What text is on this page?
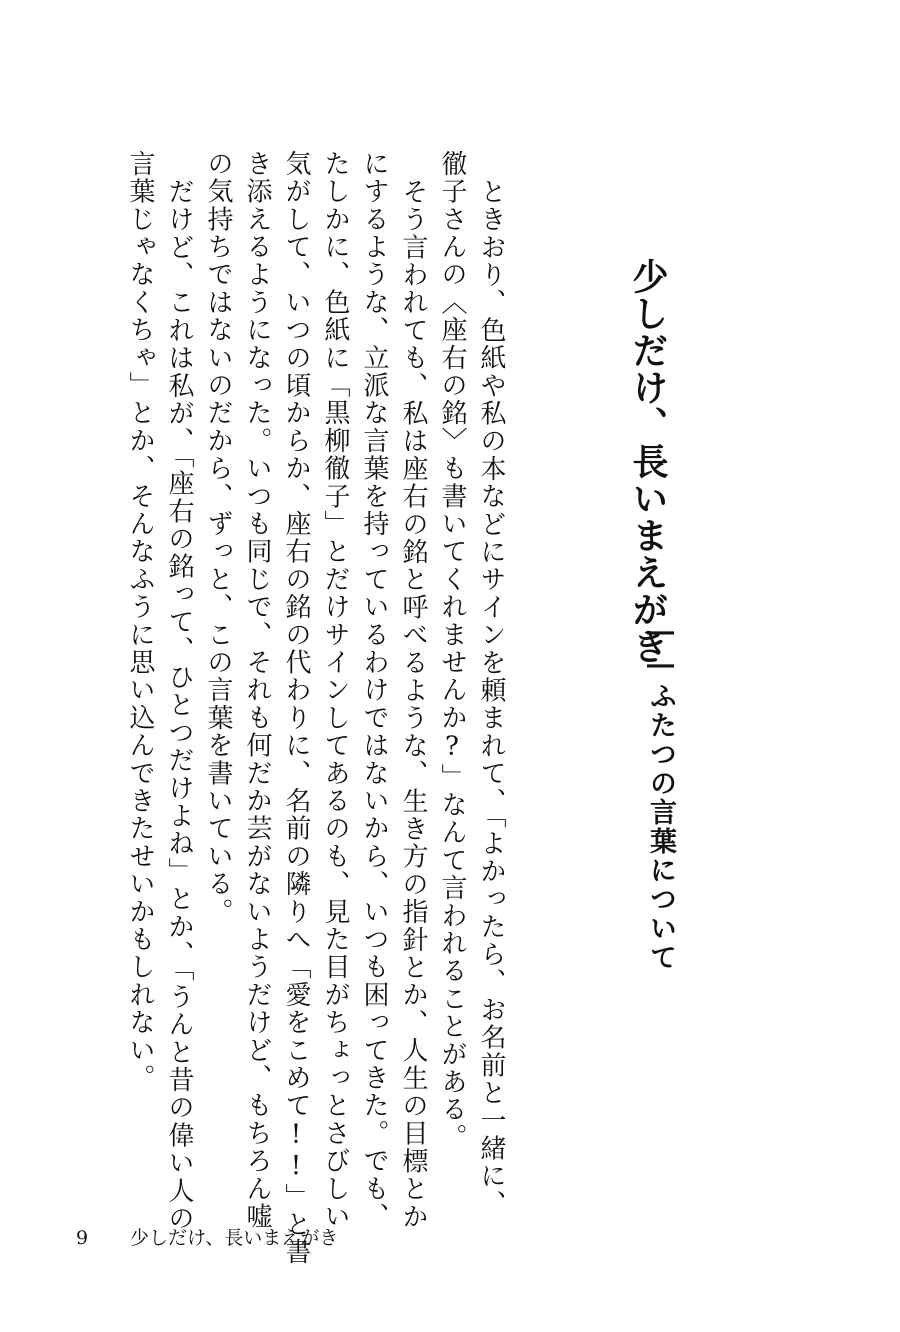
少しだけ、長いまえがき
――ふたつの言葉について

ときおり、色紙や私の本などにサインを頼まれて、「よかったら、お名前と一緒に、

徹子さんの〈座右の銘〉も書いてくれませんか?」なんて言われることがある。

そう言われても、私は座右の銘と呼べるような、生き方の指針とか、人生の目標とか

にするような、立派な言葉を持っているわけではないから、いつも困ってきた。でも、

たしかに、色紙に「黒柳徹子」とだけサインしてあるのも、見た目がちょっとさびしい

気がして、いつの頃からか、座右の銘の代わりに、名前の隣りへ「愛をこめて!!」と書

き添えるようになった。いつも同じで、それも何だか芸がないようだけど、もちろん嘘

の気持ちではないのだから、ずっと、この言葉を書いている。

だけど、これは私が、「座右の銘って、ひとつだけよね」とか、「うんと昔の偉い人の

言葉じゃなくちゃ」とか、そんなふうに思い込んできたせいかもしれない。

9 少しだけ、長いまえがき
